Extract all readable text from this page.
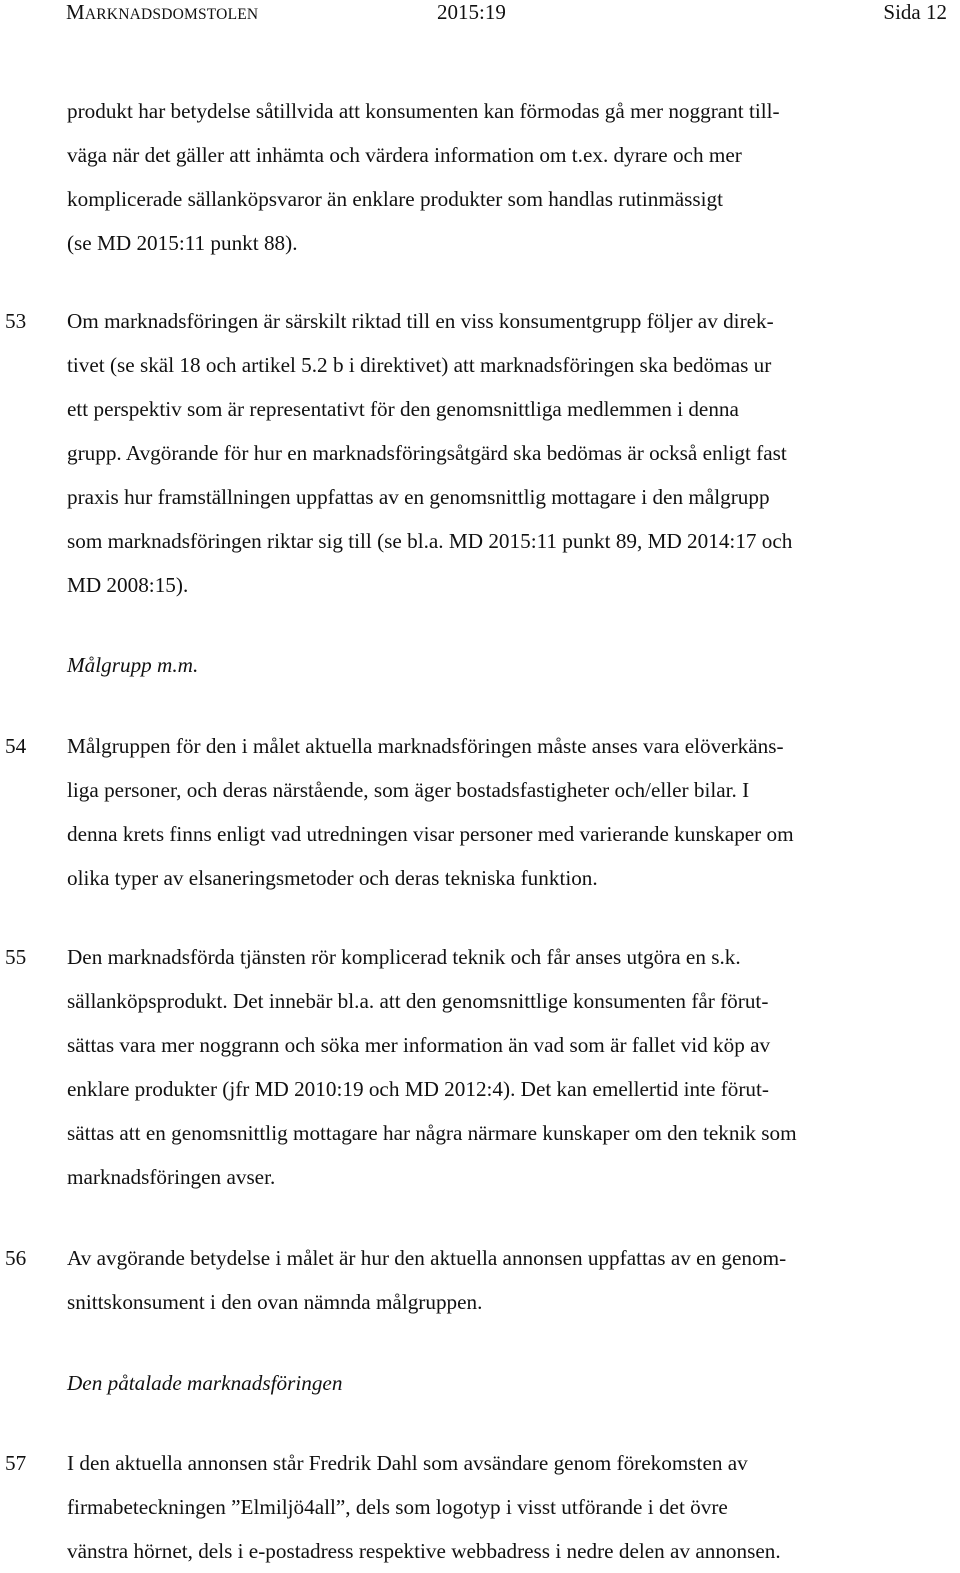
MARKNADSDOMSTOLEN	2015:19	Sida 12
produkt har betydelse såtillvida att konsumenten kan förmodas gå mer noggrant till-
väga när det gäller att inhämta och värdera information om t.ex. dyrare och mer
komplicerade sällanköpsvaror än enklare produkter som handlas rutinmässigt
(se MD 2015:11 punkt 88).
53 Om marknadsföringen är särskilt riktad till en viss konsumentgrupp följer av direk-
tivet (se skäl 18 och artikel 5.2 b i direktivet) att marknadsföringen ska bedömas ur
ett perspektiv som är representativt för den genomsnittliga medlemmen i denna
grupp. Avgörande för hur en marknadsföringsåtgärd ska bedömas är också enligt fast
praxis hur framställningen uppfattas av en genomsnittlig mottagare i den målgrupp
som marknadsföringen riktar sig till (se bl.a. MD 2015:11 punkt 89, MD 2014:17 och
MD 2008:15).
Målgrupp m.m.
54 Målgruppen för den i målet aktuella marknadsföringen måste anses vara elöverkäns-
liga personer, och deras närstående, som äger bostadsfastigheter och/eller bilar. I
denna krets finns enligt vad utredningen visar personer med varierande kunskaper om
olika typer av elsaneringsmetoder och deras tekniska funktion.
55 Den marknadsförda tjänsten rör komplicerad teknik och får anses utgöra en s.k.
sällanköpsprodukt. Det innebär bl.a. att den genomsnittlige konsumenten får förut-
sättas vara mer noggrann och söka mer information än vad som är fallet vid köp av
enklare produkter (jfr MD 2010:19 och MD 2012:4). Det kan emellertid inte förut-
sättas att en genomsnittlig mottagare har några närmare kunskaper om den teknik som
marknadsföringen avser.
56 Av avgörande betydelse i målet är hur den aktuella annonsen uppfattas av en genom-
snittskonsument i den ovan nämnda målgruppen.
Den påtalade marknadsföringen
57 I den aktuella annonsen står Fredrik Dahl som avsändare genom förekomsten av
firmabeteckningen ”Elmiljö4all”, dels som logotyp i visst utförande i det övre
vänstra hörnet, dels i e-postadress respektive webbadress i nedre delen av annonsen.
